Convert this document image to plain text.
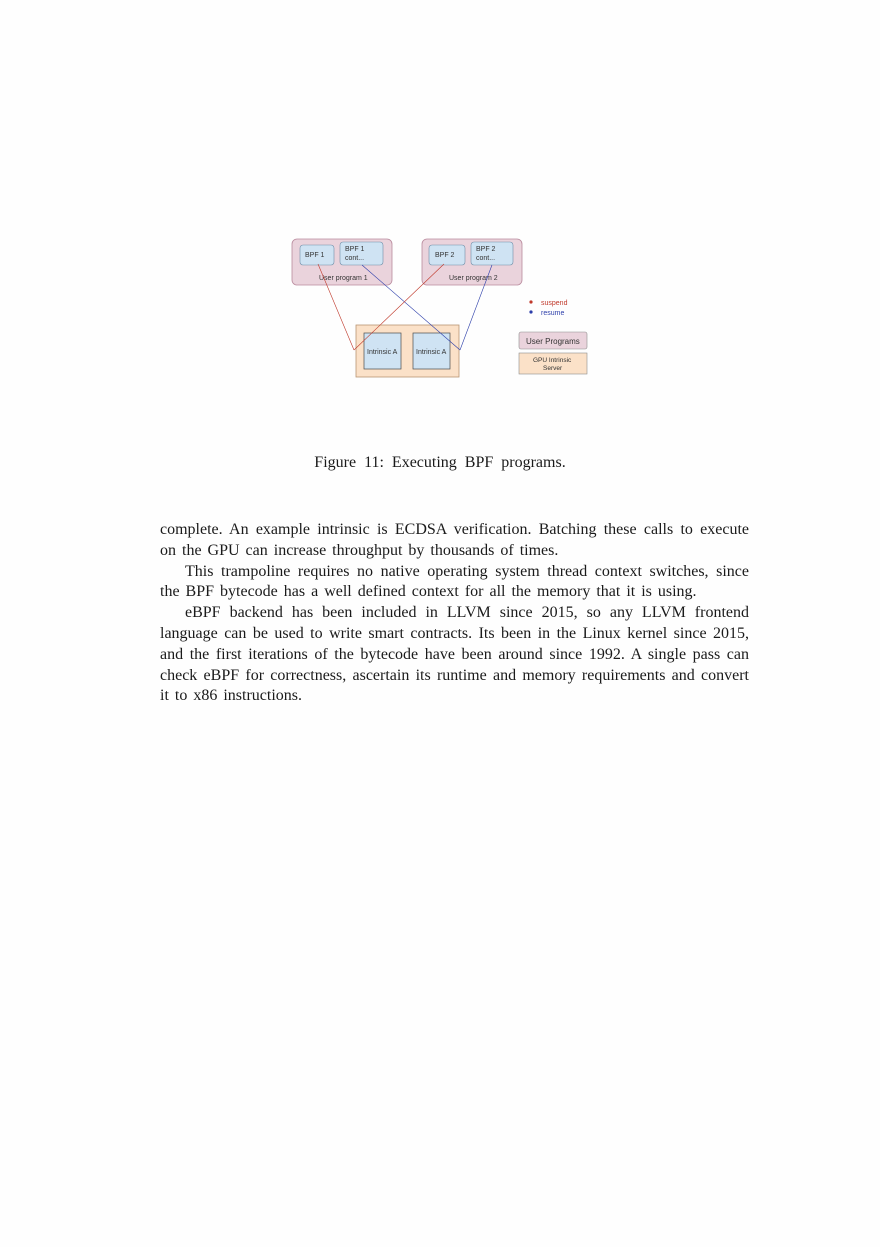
BPF 1
BPF 1
cont...
User program 1
BPF 2
BPF 2
cont...
User program 2
Intrinsic A	Intrinsic A
suspend
resume
User Programs
GPU Intrinsic
Server
Figure 11: Executing BPF programs.

complete. An example intrinsic is ECDSA verification. Batching these calls to execute on the GPU can increase throughput by thousands of times.

This trampoline requires no native operating system thread context switches, since the BPF bytecode has a well defined context for all the memory that it is using.

eBPF backend has been included in LLVM since 2015, so any LLVM frontend language can be used to write smart contracts. Its been in the Linux kernel since 2015, and the first iterations of the bytecode have been around since 1992. A single pass can check eBPF for correctness, ascertain its runtime and memory requirements and convert it to x86 instructions.
